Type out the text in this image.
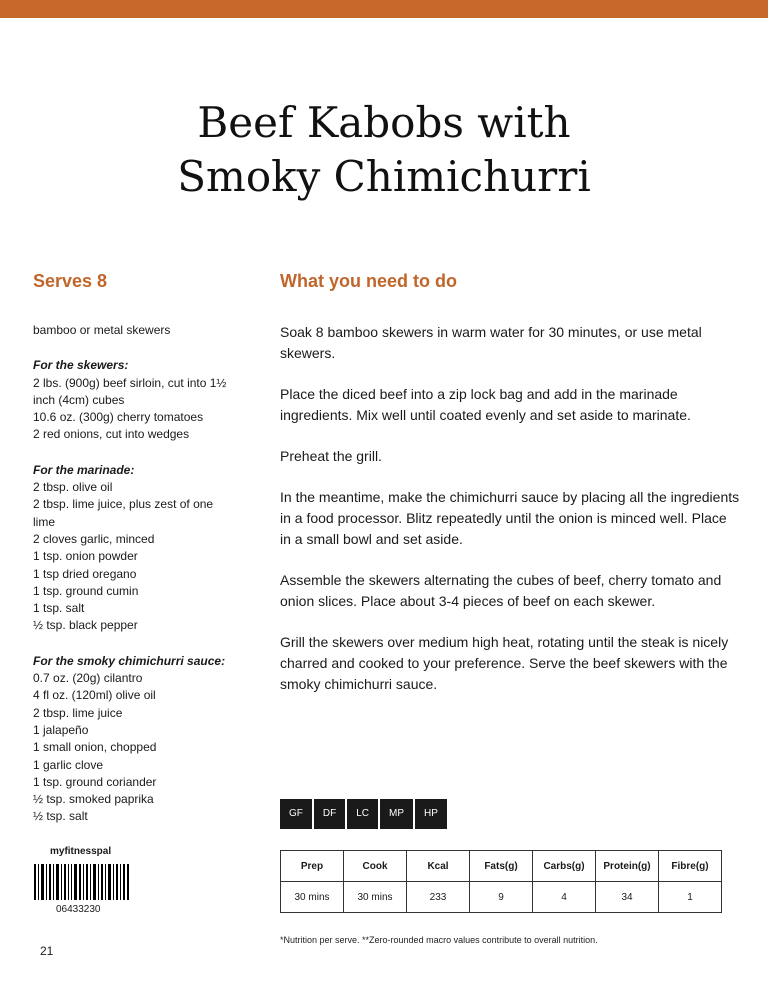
Beef Kabobs with
Smoky Chimichurri
Serves 8
bamboo or metal skewers
For the skewers:
2 lbs. (900g) beef sirloin, cut into 1½
inch (4cm) cubes
10.6 oz. (300g) cherry tomatoes
2 red onions, cut into wedges
For the marinade:
2 tbsp. olive oil
2 tbsp. lime juice, plus zest of one
lime
2 cloves garlic, minced
1 tsp. onion powder
1 tsp dried oregano
1 tsp. ground cumin
1 tsp. salt
½ tsp. black pepper
For the smoky chimichurri sauce:
0.7 oz. (20g) cilantro
4 fl oz. (120ml) olive oil
2 tbsp. lime juice
1 jalapeño
1 small onion, chopped
1 garlic clove
1 tsp. ground coriander
½ tsp. smoked paprika
½ tsp. salt
What you need to do

Soak 8 bamboo skewers in warm water for 30 minutes, or use metal skewers.

Place the diced beef into a zip lock bag and add in the marinade ingredients. Mix well until coated evenly and set aside to marinate.

Preheat the grill.

In the meantime, make the chimichurri sauce by placing all the ingredients in a food processor. Blitz repeatedly until the onion is minced well. Place in a small bowl and set aside.

Assemble the skewers alternating the cubes of beef, cherry tomato and onion slices. Place about 3-4 pieces of beef on each skewer.

Grill the skewers over medium high heat, rotating until the steak is nicely charred and cooked to your preference. Serve the beef skewers with the smoky chimichurri sauce.

GF	DF	LC	MP	HP
Prep	Cook	Kcal	Fats(g)	Carbs(g)	Protein(g)	Fibre(g)
30 mins	30 mins	233	9	4	34	1
*Nutrition per serve. **Zero-rounded macro values contribute to overall nutrition.
myfitnesspal
06433230
21
